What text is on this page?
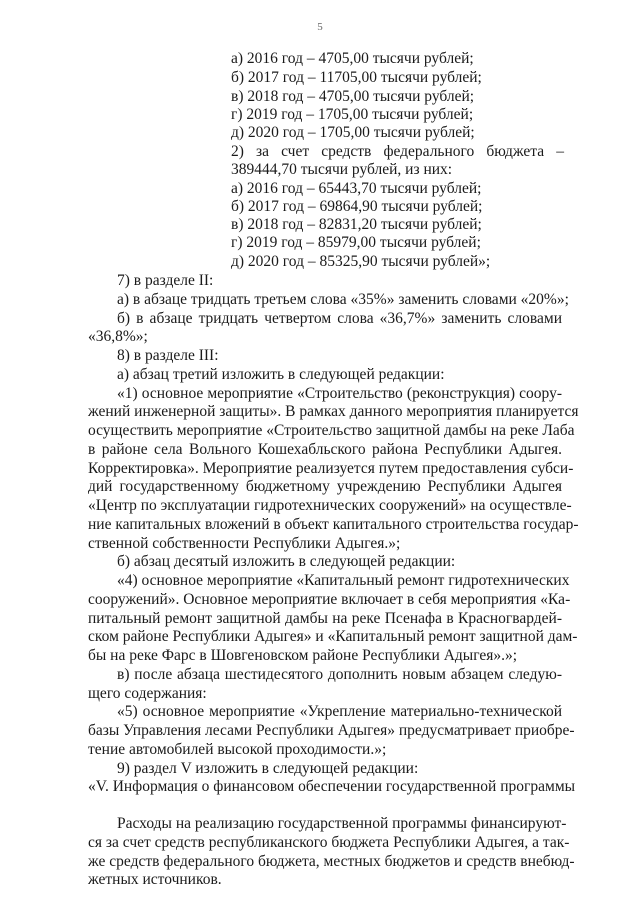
5
а) 2016 год – 4705,00 тысячи рублей;
б) 2017 год – 11705,00 тысячи рублей;
в) 2018 год – 4705,00 тысячи рублей;
г) 2019 год – 1705,00 тысячи рублей;
д) 2020 год – 1705,00 тысячи рублей;
2) за счет средств федерального бюджета –
389444,70 тысячи рублей, из них:
а) 2016 год – 65443,70 тысячи рублей;
б) 2017 год – 69864,90 тысячи рублей;
в) 2018 год – 82831,20 тысячи рублей;
г) 2019 год – 85979,00 тысячи рублей;
д) 2020 год – 85325,90 тысячи рублей»;
7) в разделе II:
а) в абзаце тридцать третьем слова «35%» заменить словами «20%»;
б) в абзаце тридцать четвертом слова «36,7%» заменить словами
«36,8%»;
8) в разделе III:
а) абзац третий изложить в следующей редакции:
«1) основное мероприятие «Строительство (реконструкция) соору-
жений инженерной защиты». В рамках данного мероприятия планируется
осуществить мероприятие «Строительство защитной дамбы на реке Лаба
в районе села Вольного Кошехабльского района Республики Адыгея.
Корректировка». Мероприятие реализуется путем предоставления субси-
дий государственному бюджетному учреждению Республики Адыгея
«Центр по эксплуатации гидротехнических сооружений» на осуществле-
ние капитальных вложений в объект капитального строительства государ-
ственной собственности Республики Адыгея.»;
б) абзац десятый изложить в следующей редакции:
«4) основное мероприятие «Капитальный ремонт гидротехнических
сооружений». Основное мероприятие включает в себя мероприятия «Ка-
питальный ремонт защитной дамбы на реке Псенафа в Красногвардей-
ском районе Республики Адыгея» и «Капитальный ремонт защитной дам-
бы на реке Фарс в Шовгеновском районе Республики Адыгея».»;
в) после абзаца шестидесятого дополнить новым абзацем следую-
щего содержания:
«5) основное мероприятие «Укрепление материально-технической
базы Управления лесами Республики Адыгея» предусматривает приобре-
тение автомобилей высокой проходимости.»;
9) раздел V изложить в следующей редакции:
«V. Информация о финансовом обеспечении государственной программы
Расходы на реализацию государственной программы финансируют-
ся за счет средств республиканского бюджета Республики Адыгея, а так-
же средств федерального бюджета, местных бюджетов и средств внебюд-
жетных источников.
